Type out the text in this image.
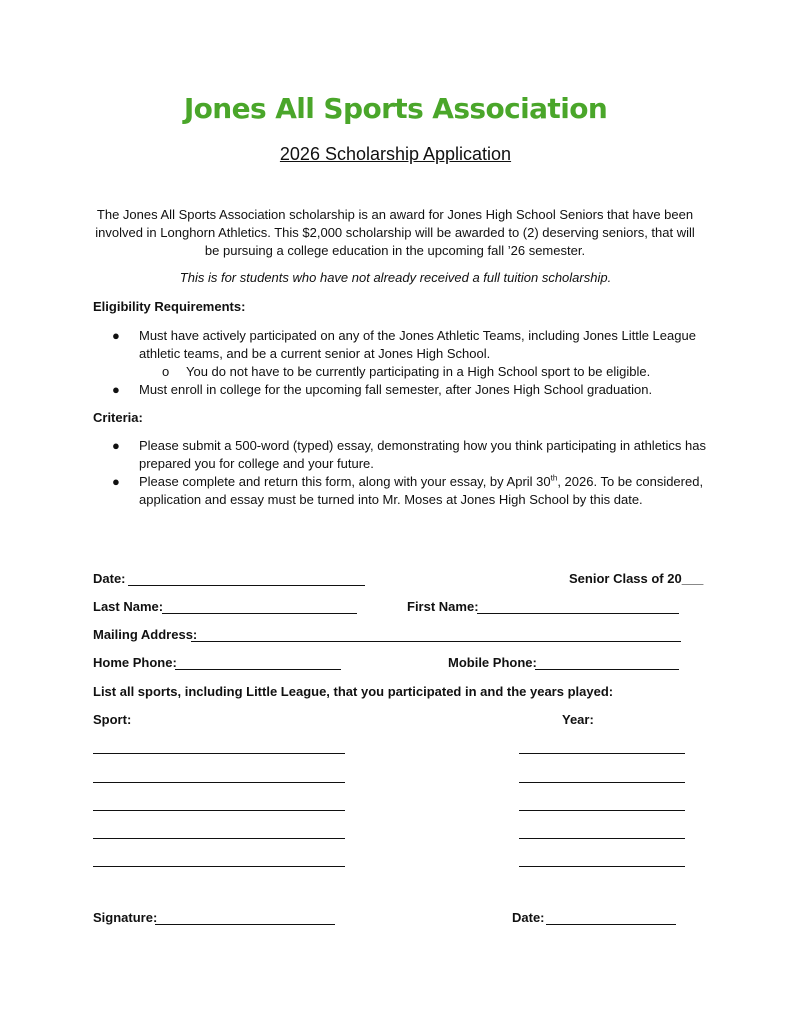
Jones All Sports Association
2026 Scholarship Application
The Jones All Sports Association scholarship is an award for Jones High School Seniors that have been involved in Longhorn Athletics. This $2,000 scholarship will be awarded to (2) deserving seniors, that will be pursuing a college education in the upcoming fall ’26 semester.
This is for students who have not already received a full tuition scholarship.
Eligibility Requirements:
● Must have actively participated on any of the Jones Athletic Teams, including Jones Little League athletic teams, and be a current senior at Jones High School.
o You do not have to be currently participating in a High School sport to be eligible.
● Must enroll in college for the upcoming fall semester, after Jones High School graduation.
Criteria:
● Please submit a 500-word (typed) essay, demonstrating how you think participating in athletics has prepared you for college and your future.
● Please complete and return this form, along with your essay, by April 30th, 2026. To be considered, application and essay must be turned into Mr. Moses at Jones High School by this date.
Date:	Senior Class of 20___
Last Name:	First Name:
Mailing Address:
Home Phone:	Mobile Phone:
List all sports, including Little League, that you participated in and the years played:
Sport:	Year:
Signature:	Date:
